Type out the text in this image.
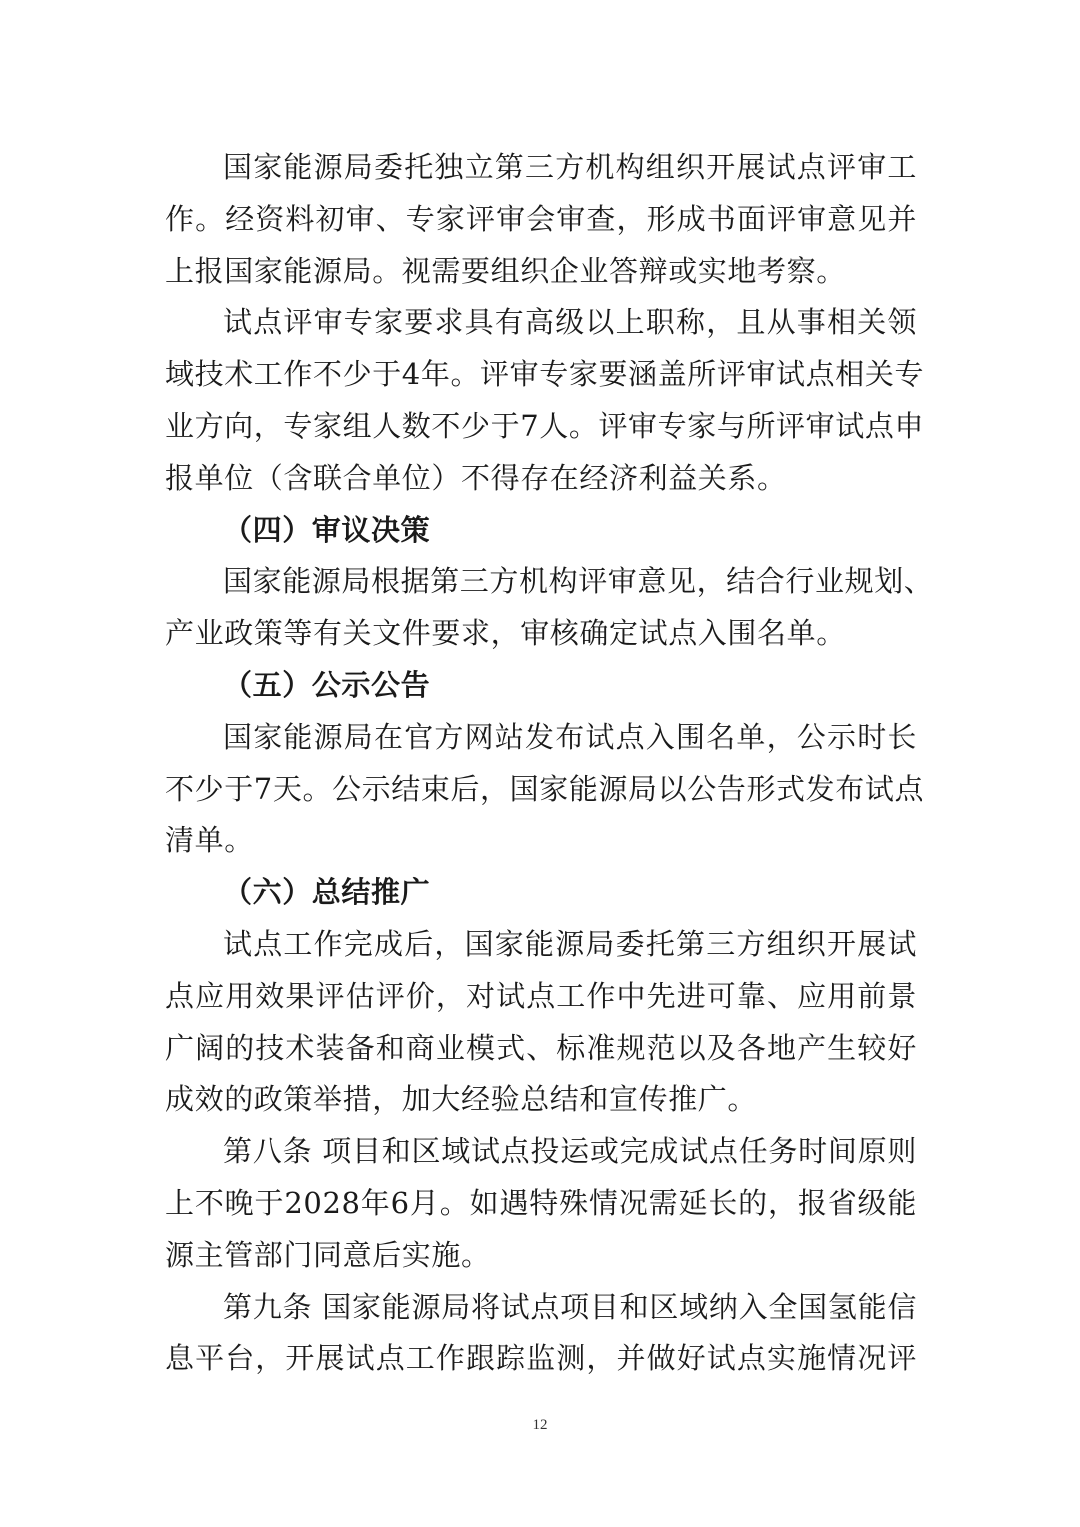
国家能源局委托独立第三方机构组织开展试点评审工
作。经资料初审、专家评审会审查，形成书面评审意见并
上报国家能源局。视需要组织企业答辩或实地考察。
试点评审专家要求具有高级以上职称，且从事相关领
域技术工作不少于4年。评审专家要涵盖所评审试点相关专
业方向，专家组人数不少于7人。评审专家与所评审试点申
报单位（含联合单位）不得存在经济利益关系。
（四）审议决策
国家能源局根据第三方机构评审意见，结合行业规划、
产业政策等有关文件要求，审核确定试点入围名单。
（五）公示公告
国家能源局在官方网站发布试点入围名单，公示时长
不少于7天。公示结束后，国家能源局以公告形式发布试点
清单。
（六）总结推广
试点工作完成后，国家能源局委托第三方组织开展试
点应用效果评估评价，对试点工作中先进可靠、应用前景
广阔的技术装备和商业模式、标准规范以及各地产生较好
成效的政策举措，加大经验总结和宣传推广。
第八条 项目和区域试点投运或完成试点任务时间原则
上不晚于2028年6月。如遇特殊情况需延长的，报省级能
源主管部门同意后实施。
第九条 国家能源局将试点项目和区域纳入全国氢能信
息平台，开展试点工作跟踪监测，并做好试点实施情况评
12
